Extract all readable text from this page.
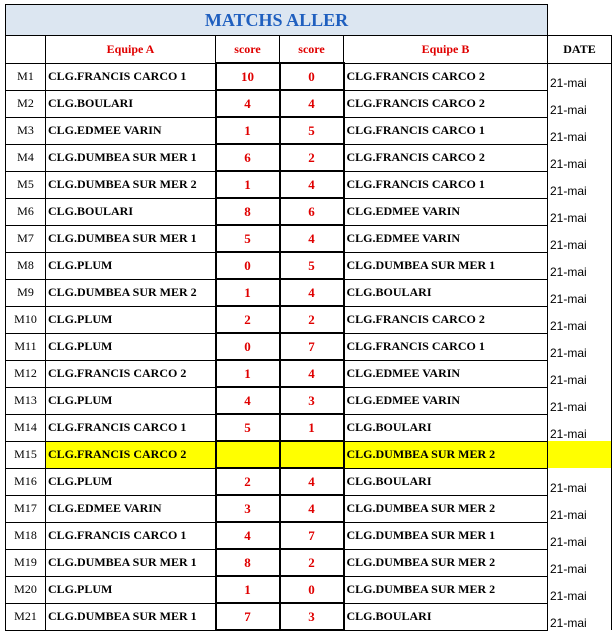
MATCHS ALLER					
	Equipe A	score	score	Equipe B	DATE
M1	CLG.FRANCIS CARCO 1	10	0	CLG.FRANCIS CARCO 2	21-mai
M2	CLG.BOULARI	4	4	CLG.FRANCIS CARCO 2	21-mai
M3	CLG.EDMEE VARIN	1	5	CLG.FRANCIS CARCO 1	21-mai
M4	CLG.DUMBEA SUR MER 1	6	2	CLG.FRANCIS CARCO 2	21-mai
M5	CLG.DUMBEA SUR MER 2	1	4	CLG.FRANCIS CARCO 1	21-mai
M6	CLG.BOULARI	8	6	CLG.EDMEE VARIN	21-mai
M7	CLG.DUMBEA SUR MER 1	5	4	CLG.EDMEE VARIN	21-mai
M8	CLG.PLUM	0	5	CLG.DUMBEA SUR MER 1	21-mai
M9	CLG.DUMBEA SUR MER 2	1	4	CLG.BOULARI	21-mai
M10	CLG.PLUM	2	2	CLG.FRANCIS CARCO 2	21-mai
M11	CLG.PLUM	0	7	CLG.FRANCIS CARCO 1	21-mai
M12	CLG.FRANCIS CARCO 2	1	4	CLG.EDMEE VARIN	21-mai
M13	CLG.PLUM	4	3	CLG.EDMEE VARIN	21-mai
M14	CLG.FRANCIS CARCO 1	5	1	CLG.BOULARI	21-mai
M15	CLG.FRANCIS CARCO 2			CLG.DUMBEA SUR MER 2	
M16	CLG.PLUM	2	4	CLG.BOULARI	21-mai
M17	CLG.EDMEE VARIN	3	4	CLG.DUMBEA SUR MER 2	21-mai
M18	CLG.FRANCIS CARCO 1	4	7	CLG.DUMBEA SUR MER 1	21-mai
M19	CLG.DUMBEA SUR MER 1	8	2	CLG.DUMBEA SUR MER 2	21-mai
M20	CLG.PLUM	1	0	CLG.DUMBEA SUR MER 2	21-mai
M21	CLG.DUMBEA SUR MER 1	7	3	CLG.BOULARI	21-mai
